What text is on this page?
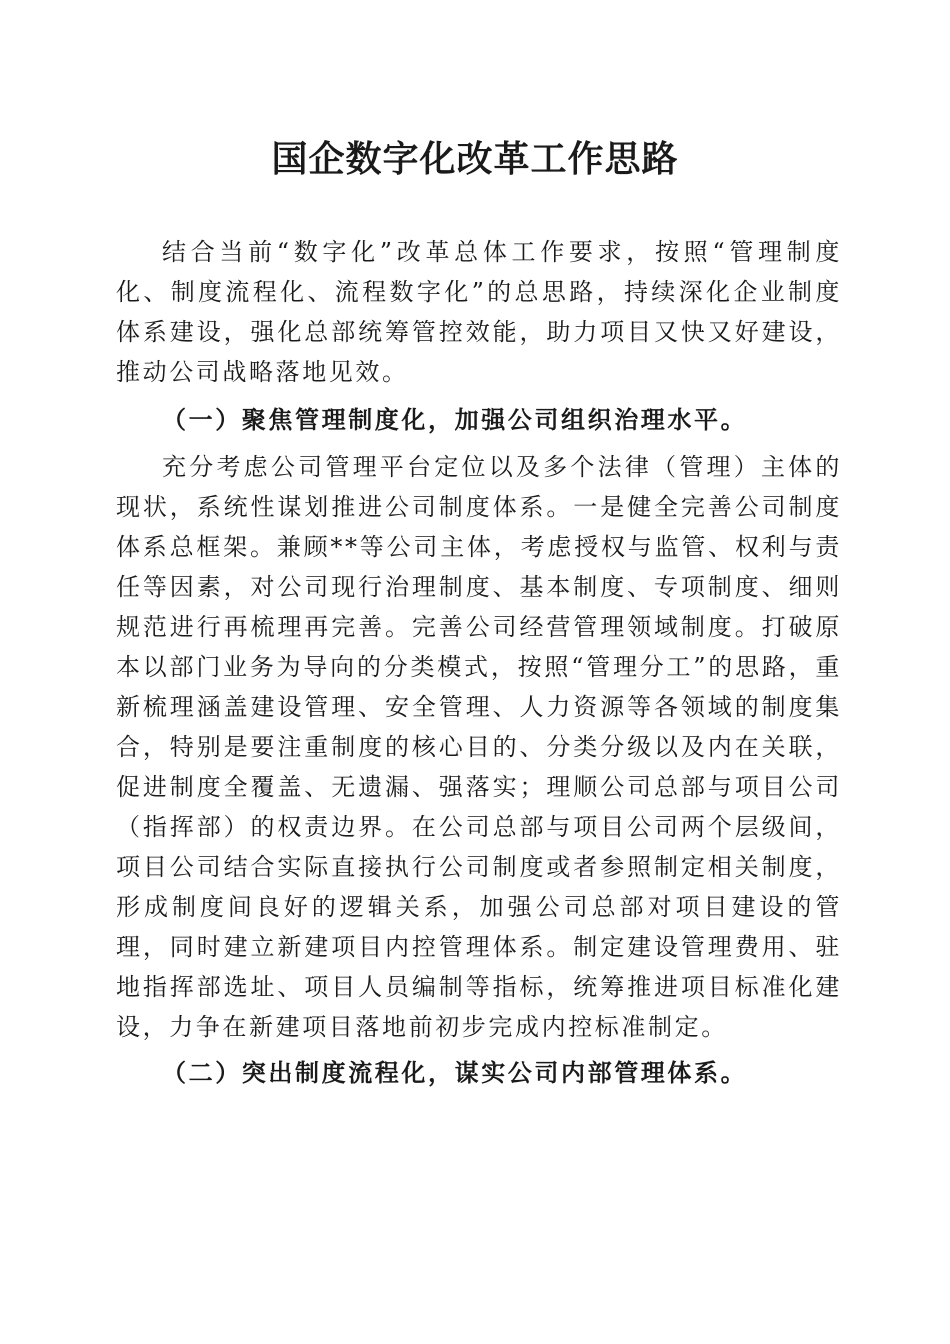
国企数字化改革工作思路

结合当前“数字化”改革总体工作要求，按照“管理制度化、制度流程化、流程数字化”的总思路，持续深化企业制度体系建设，强化总部统筹管控效能，助力项目又快又好建设，推动公司战略落地见效。

（一）聚焦管理制度化，加强公司组织治理水平。

充分考虑公司管理平台定位以及多个法律（管理）主体的现状，系统性谋划推进公司制度体系。一是健全完善公司制度体系总框架。兼顾**等公司主体，考虑授权与监管、权利与责任等因素，对公司现行治理制度、基本制度、专项制度、细则规范进行再梳理再完善。完善公司经营管理领域制度。打破原本以部门业务为导向的分类模式，按照“管理分工”的思路，重新梳理涵盖建设管理、安全管理、人力资源等各领域的制度集合，特别是要注重制度的核心目的、分类分级以及内在关联，促进制度全覆盖、无遗漏、强落实；理顺公司总部与项目公司（指挥部）的权责边界。在公司总部与项目公司两个层级间，项目公司结合实际直接执行公司制度或者参照制定相关制度，形成制度间良好的逻辑关系，加强公司总部对项目建设的管理，同时建立新建项目内控管理体系。制定建设管理费用、驻地指挥部选址、项目人员编制等指标，统筹推进项目标准化建设，力争在新建项目落地前初步完成内控标准制定。

（二）突出制度流程化，谋实公司内部管理体系。
